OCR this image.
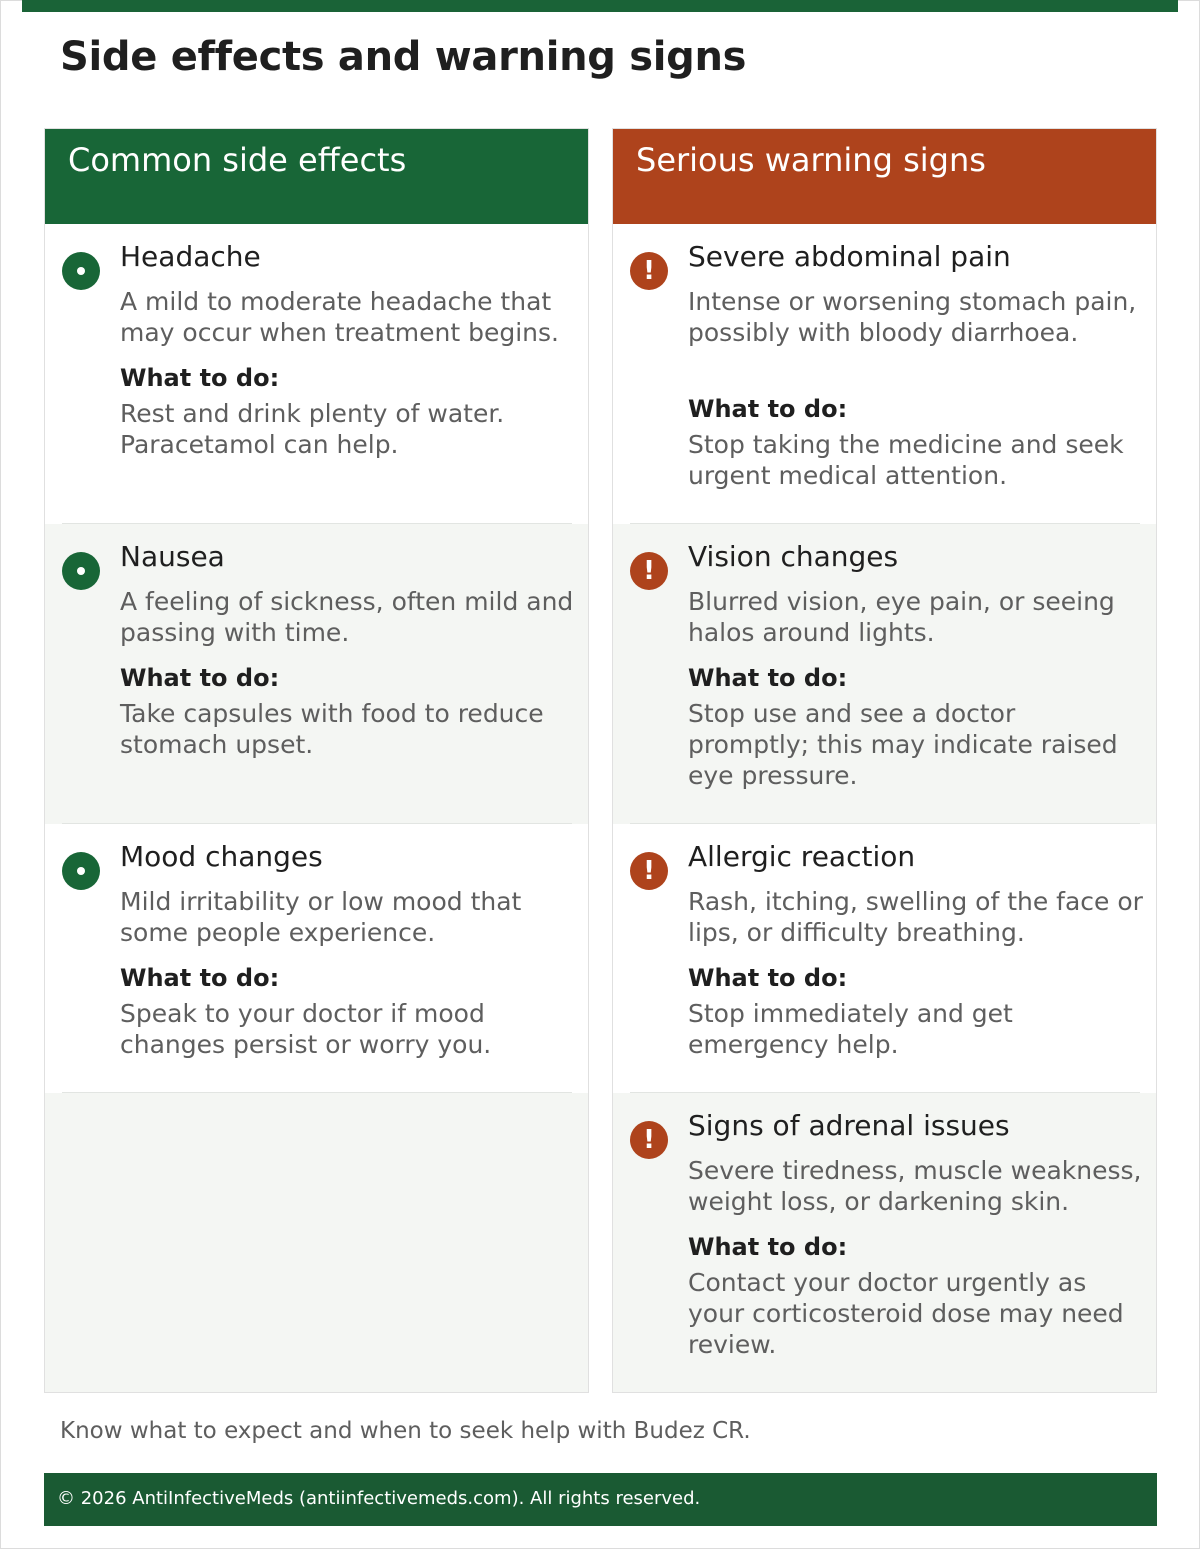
Side effects and warning signs
Common side effects
Headache
A mild to moderate headache that may occur when treatment begins.
What to do:
Rest and drink plenty of water. Paracetamol can help.
Nausea
A feeling of sickness, often mild and passing with time.
What to do:
Take capsules with food to reduce stomach upset.
Mood changes
Mild irritability or low mood that some people experience.
What to do:
Speak to your doctor if mood changes persist or worry you.
Serious warning signs
!	Severe abdominal pain
Intense or worsening stomach pain, possibly with bloody diarrhoea.
What to do:
Stop taking the medicine and seek urgent medical attention.
!	Vision changes
Blurred vision, eye pain, or seeing halos around lights.
What to do:
Stop use and see a doctor promptly; this may indicate raised eye pressure.
!	Allergic reaction
Rash, itching, swelling of the face or lips, or difficulty breathing.
What to do:
Stop immediately and get emergency help.
!	Signs of adrenal issues
Severe tiredness, muscle weakness, weight loss, or darkening skin.
What to do:
Contact your doctor urgently as your corticosteroid dose may need review.

Know what to expect and when to seek help with Budez CR.

© 2026 AntiInfectiveMeds (antiinfectivemeds.com). All rights reserved.
